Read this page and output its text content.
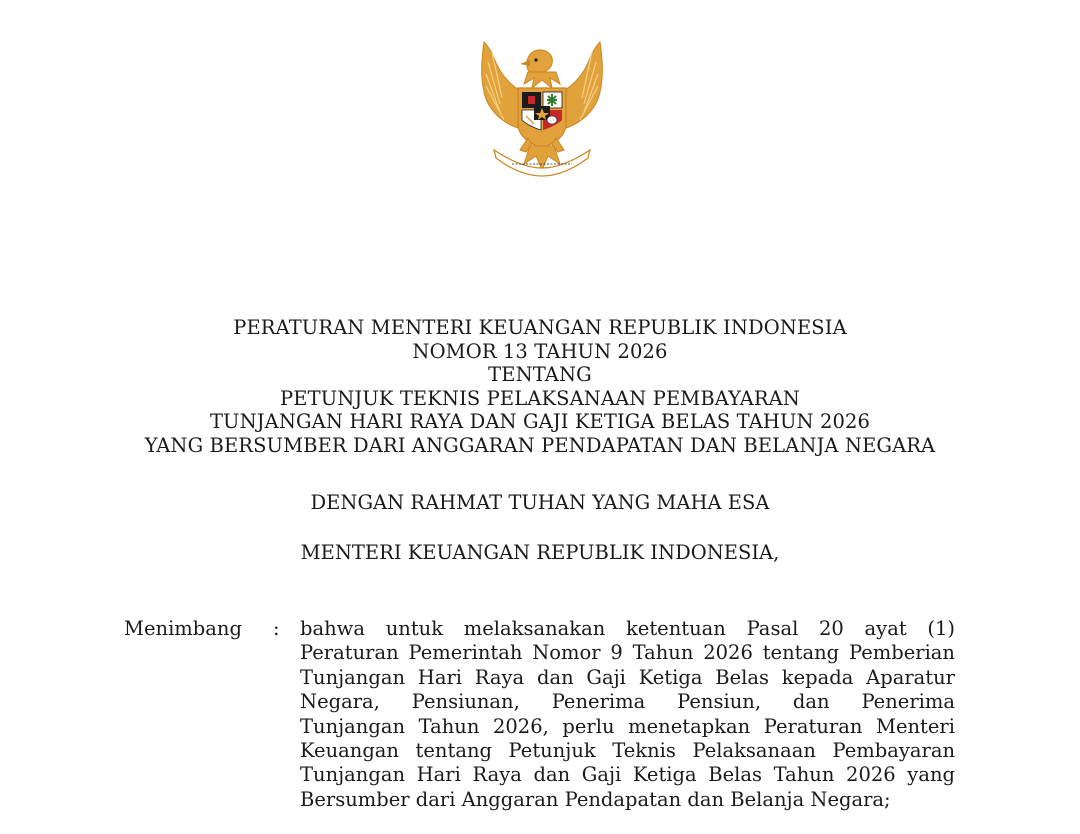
PERATURAN MENTERI KEUANGAN REPUBLIK INDONESIA
NOMOR 13 TAHUN 2026
TENTANG
PETUNJUK TEKNIS PELAKSANAAN PEMBAYARAN
TUNJANGAN HARI RAYA DAN GAJI KETIGA BELAS TAHUN 2026
YANG BERSUMBER DARI ANGGARAN PENDAPATAN DAN BELANJA NEGARA
DENGAN RAHMAT TUHAN YANG MAHA ESA
MENTERI KEUANGAN REPUBLIK INDONESIA,
Menimbang : bahwa untuk melaksanakan ketentuan Pasal 20 ayat (1)
Peraturan Pemerintah Nomor 9 Tahun 2026 tentang Pemberian
Tunjangan Hari Raya dan Gaji Ketiga Belas kepada Aparatur
Negara, Pensiunan, Penerima Pensiun, dan Penerima
Tunjangan Tahun 2026, perlu menetapkan Peraturan Menteri
Keuangan tentang Petunjuk Teknis Pelaksanaan Pembayaran
Tunjangan Hari Raya dan Gaji Ketiga Belas Tahun 2026 yang
Bersumber dari Anggaran Pendapatan dan Belanja Negara;
